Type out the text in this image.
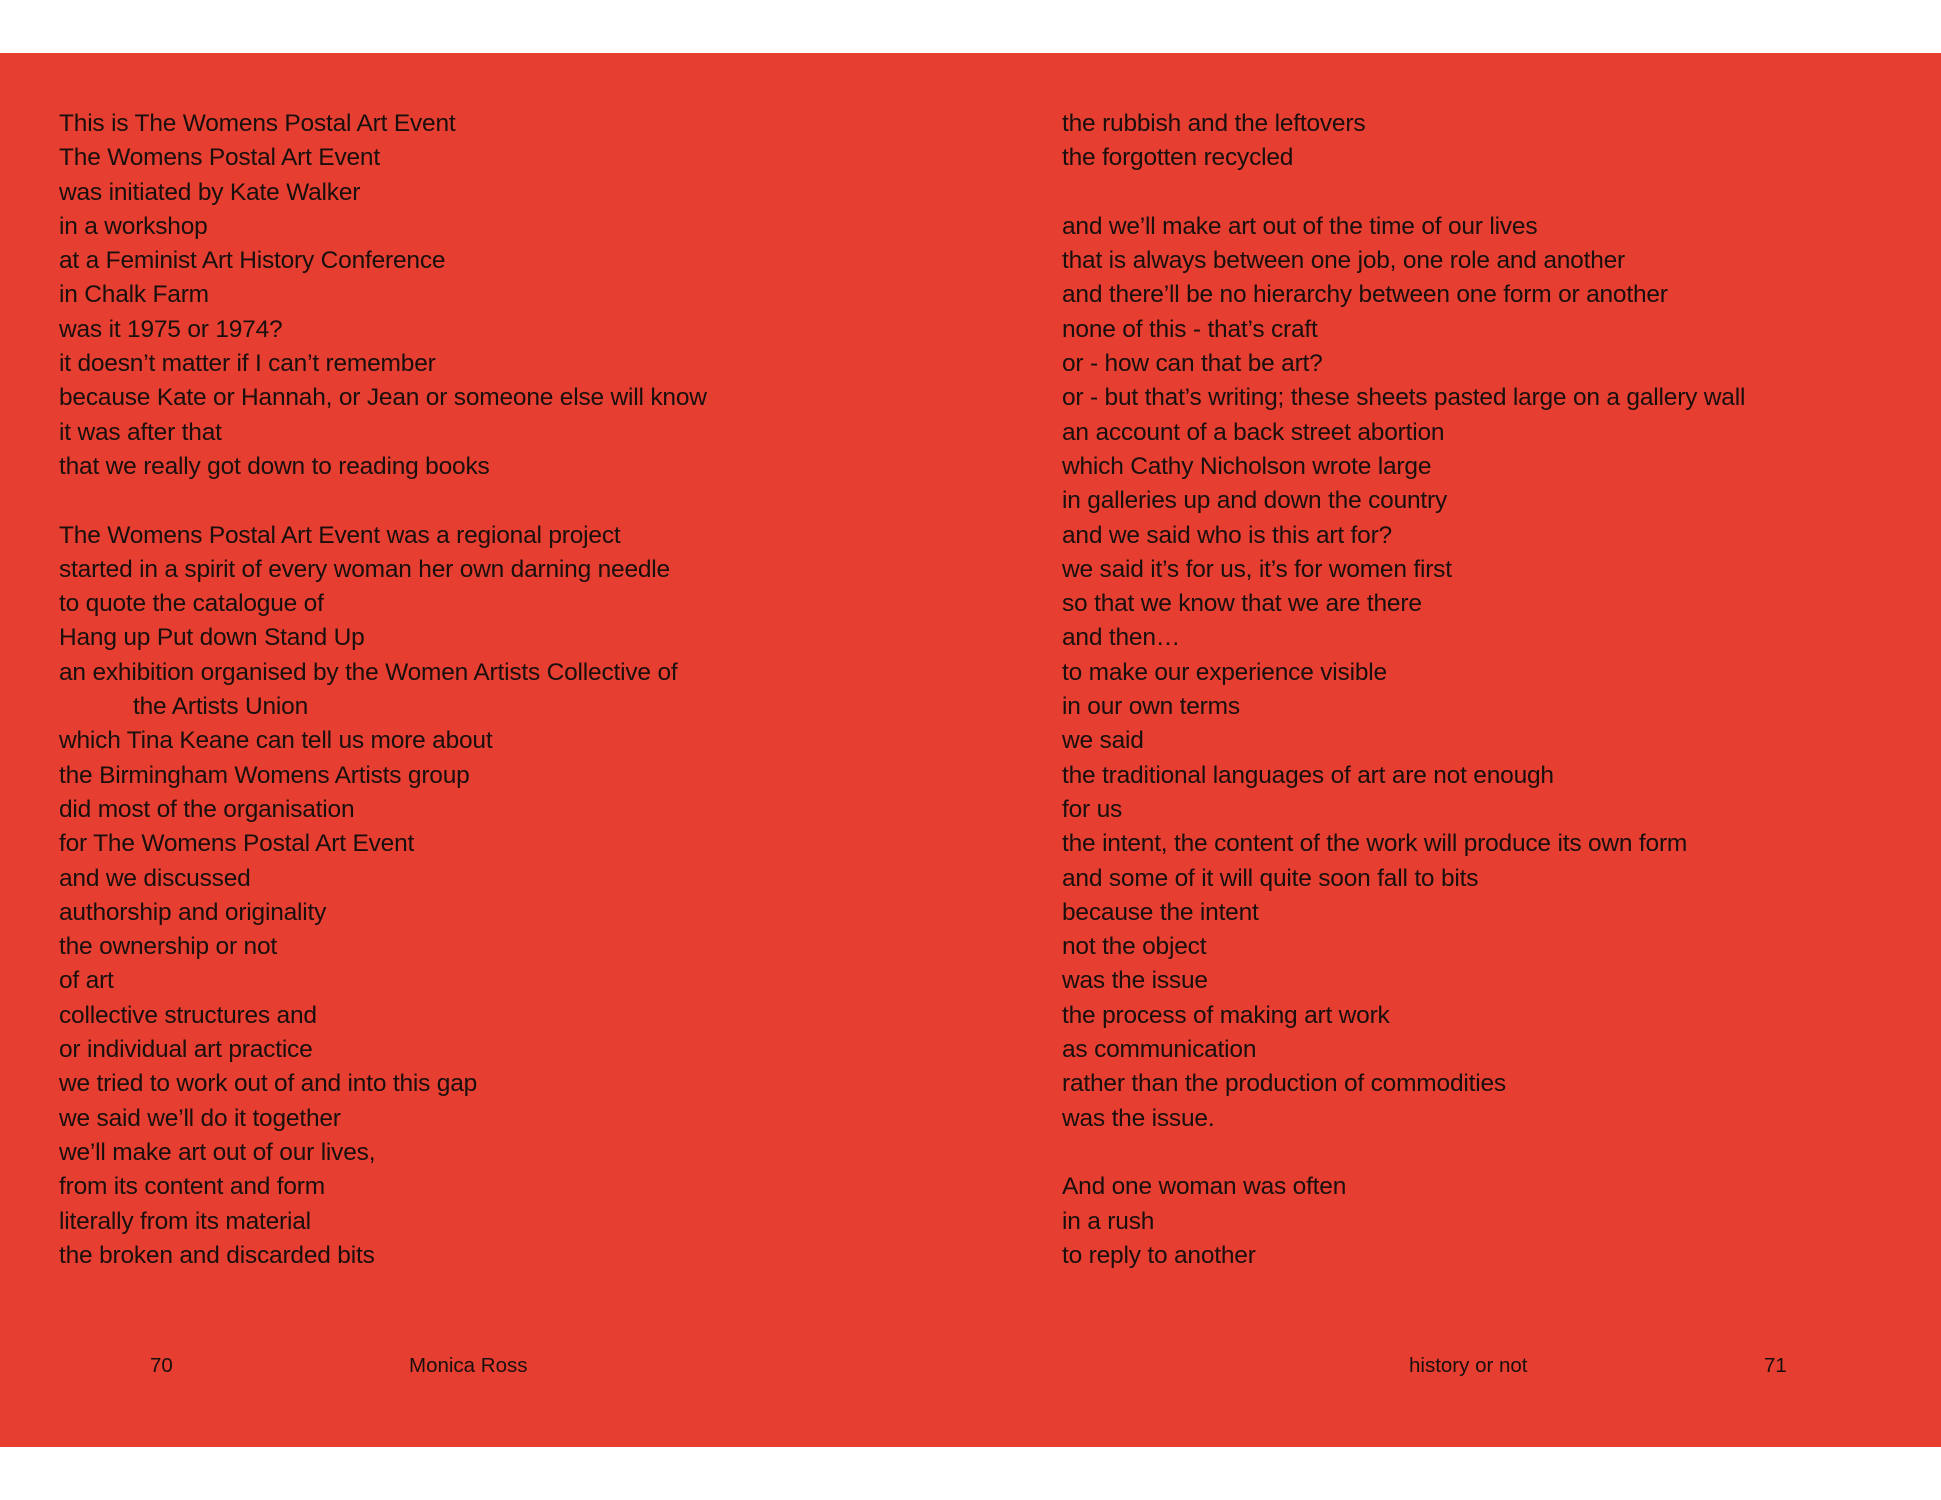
This is The Womens Postal Art Event
The Womens Postal Art Event
was initiated by Kate Walker
in a workshop
at a Feminist Art History Conference
in Chalk Farm
was it 1975 or 1974?
it doesn’t matter if I can’t remember
because Kate or Hannah, or Jean or someone else will know
it was after that
that we really got down to reading books
The Womens Postal Art Event was a regional project
started in a spirit of every woman her own darning needle
to quote the catalogue of
Hang up Put down Stand Up
an exhibition organised by the Women Artists Collective of
the Artists Union
which Tina Keane can tell us more about
the Birmingham Womens Artists group
did most of the organisation
for The Womens Postal Art Event
and we discussed
authorship and originality
the ownership or not
of art
collective structures and
or individual art practice
we tried to work out of and into this gap
we said we’ll do it together
we’ll make art out of our lives,
from its content and form
literally from its material
the broken and discarded bits
the rubbish and the leftovers
the forgotten recycled
and we’ll make art out of the time of our lives
that is always between one job, one role and another
and there’ll be no hierarchy between one form or another
none of this - that’s craft
or - how can that be art?
or - but that’s writing; these sheets pasted large on a gallery wall
an account of a back street abortion
which Cathy Nicholson wrote large
in galleries up and down the country
and we said who is this art for?
we said it’s for us, it’s for women first
so that we know that we are there
and then…
to make our experience visible
in our own terms
we said
the traditional languages of art are not enough
for us
the intent, the content of the work will produce its own form
and some of it will quite soon fall to bits
because the intent
not the object
was the issue
the process of making art work
as communication
rather than the production of commodities
was the issue.
And one woman was often
in a rush
to reply to another
70	Monica Ross	history or not	71
